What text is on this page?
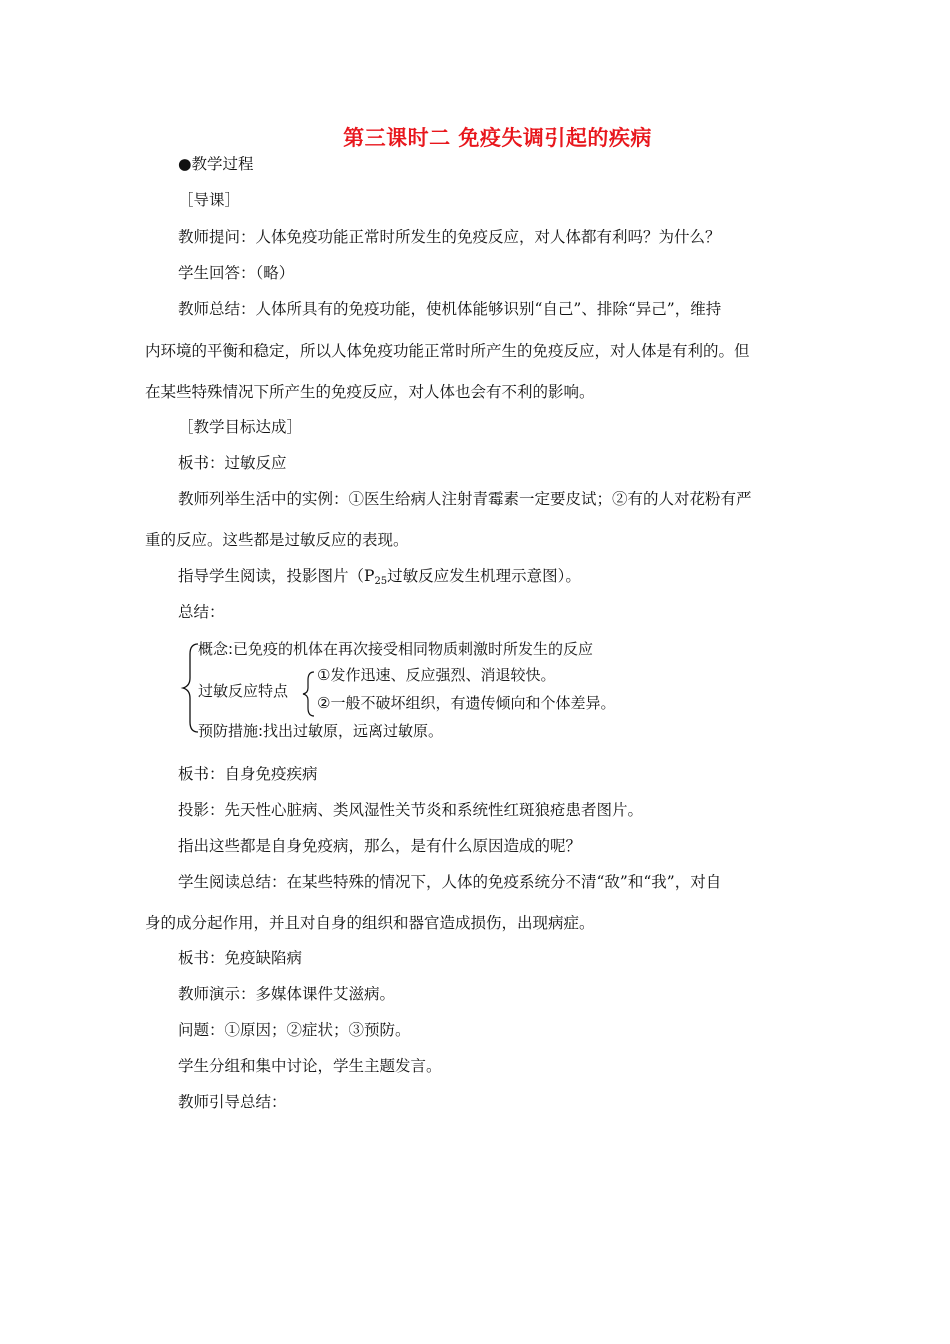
第三课时二 免疫失调引起的疾病
●教学过程
［导课］
教师提问：人体免疫功能正常时所发生的免疫反应，对人体都有利吗？为什么？
学生回答：（略）
教师总结：人体所具有的免疫功能，使机体能够识别“自己”、排除“异己”，维持
内环境的平衡和稳定，所以人体免疫功能正常时所产生的免疫反应，对人体是有利的。但
在某些特殊情况下所产生的免疫反应，对人体也会有不利的影响。
［教学目标达成］
板书：过敏反应
教师列举生活中的实例：①医生给病人注射青霉素一定要皮试；②有的人对花粉有严
重的反应。这些都是过敏反应的表现。
指导学生阅读，投影图片（$P_{25}$过敏反应发生机理示意图）。
总结：
概念:已免疫的机体在再次接受相同物质刺激时所发生的反应
过敏反应特点
①发作迅速、反应强烈、消退较快。
②一般不破坏组织，有遗传倾向和个体差异。
预防措施:找出过敏原，远离过敏原。
板书：自身免疫疾病
投影：先天性心脏病、类风湿性关节炎和系统性红斑狼疮患者图片。
指出这些都是自身免疫病，那么，是有什么原因造成的呢？
学生阅读总结：在某些特殊的情况下，人体的免疫系统分不清“敌”和“我”，对自
身的成分起作用，并且对自身的组织和器官造成损伤，出现病症。
板书：免疫缺陷病
教师演示：多媒体课件艾滋病。
问题：①原因；②症状；③预防。
学生分组和集中讨论，学生主题发言。
教师引导总结：
